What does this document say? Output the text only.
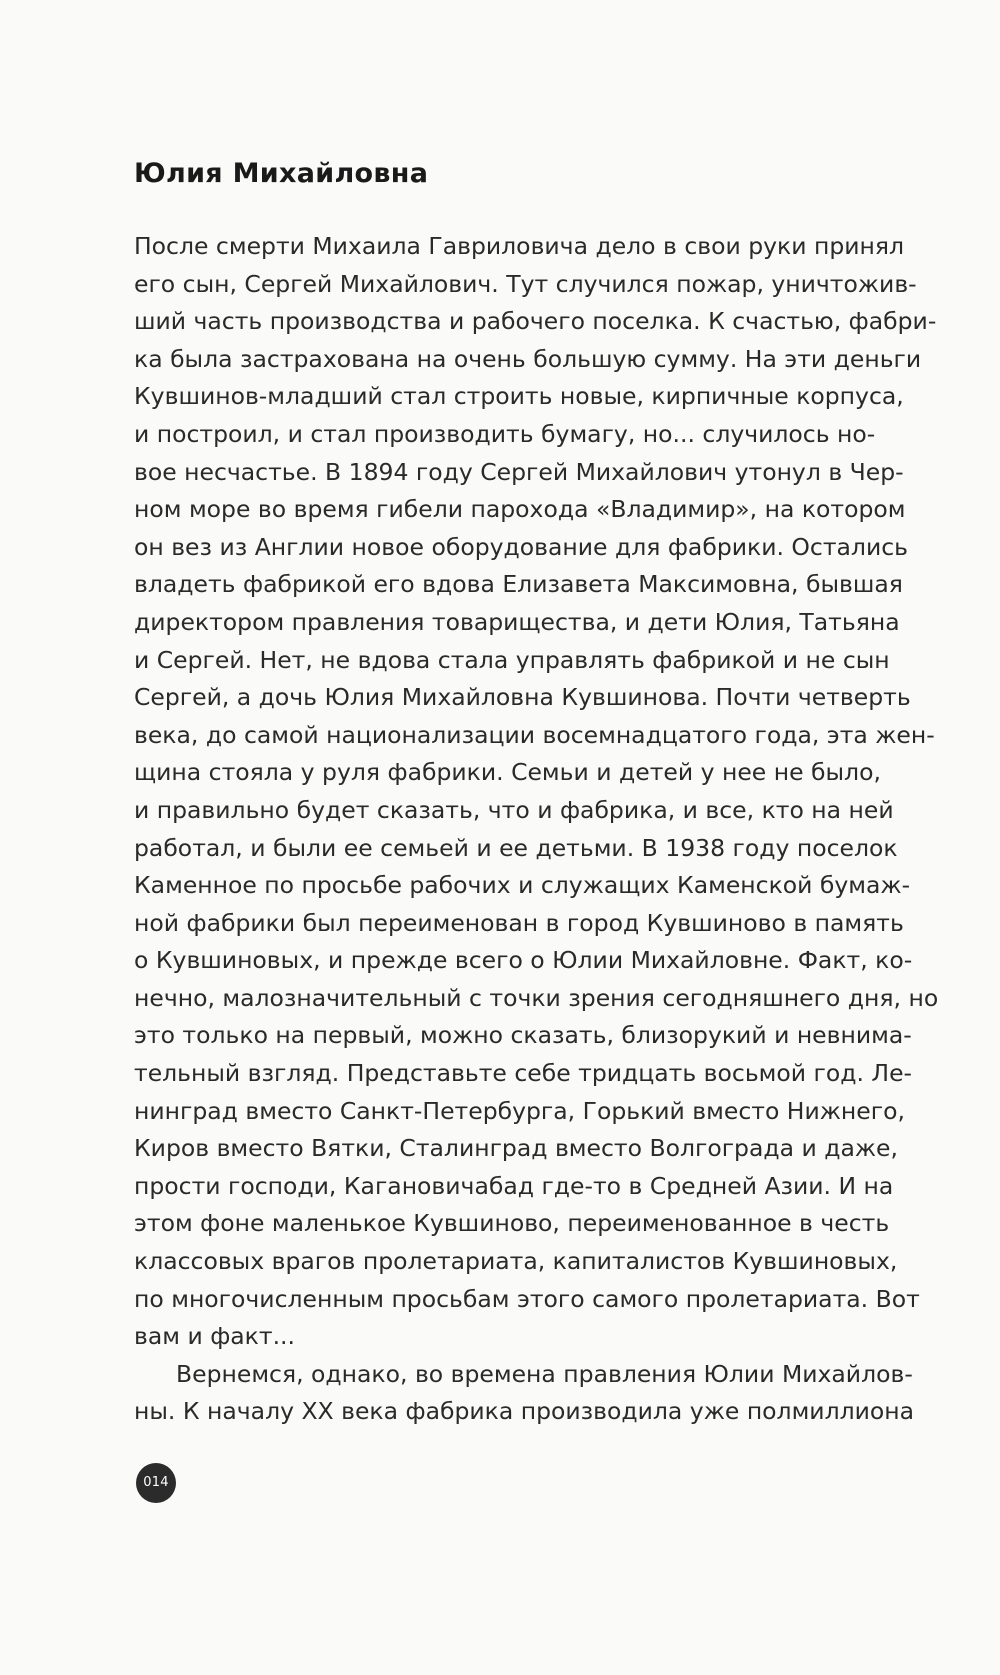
Юлия Михайловна
После смерти Михаила Гавриловича дело в свои руки принял
его сын, Сергей Михайлович. Тут случился пожар, уничтожив-
ший часть производства и рабочего поселка. К счастью, фабри-
ка была застрахована на очень большую сумму. На эти деньги
Кувшинов-младший стал строить новые, кирпичные корпуса,
и построил, и стал производить бумагу, но... случилось но-
вое несчастье. В 1894 году Сергей Михайлович утонул в Чер-
ном море во время гибели парохода «Владимир», на котором
он вез из Англии новое оборудование для фабрики. Остались
владеть фабрикой его вдова Елизавета Максимовна, бывшая
директором правления товарищества, и дети Юлия, Татьяна
и Сергей. Нет, не вдова стала управлять фабрикой и не сын
Сергей, а дочь Юлия Михайловна Кувшинова. Почти четверть
века, до самой национализации восемнадцатого года, эта жен-
щина стояла у руля фабрики. Семьи и детей у нее не было,
и правильно будет сказать, что и фабрика, и все, кто на ней
работал, и были ее семьей и ее детьми. В 1938 году поселок
Каменное по просьбе рабочих и служащих Каменской бумаж-
ной фабрики был переименован в город Кувшиново в память
о Кувшиновых, и прежде всего о Юлии Михайловне. Факт, ко-
нечно, малозначительный с точки зрения сегодняшнего дня, но
это только на первый, можно сказать, близорукий и невнима-
тельный взгляд. Представьте себе тридцать восьмой год. Ле-
нинград вместо Санкт-Петербурга, Горький вместо Нижнего,
Киров вместо Вятки, Сталинград вместо Волгограда и даже,
прости господи, Кагановичабад где-то в Средней Азии. И на
этом фоне маленькое Кувшиново, переименованное в честь
классовых врагов пролетариата, капиталистов Кувшиновых,
по многочисленным просьбам этого самого пролетариата. Вот
вам и факт...
Вернемся, однако, во времена правления Юлии Михайлов-
ны. К началу XX века фабрика производила уже полмиллиона
014
